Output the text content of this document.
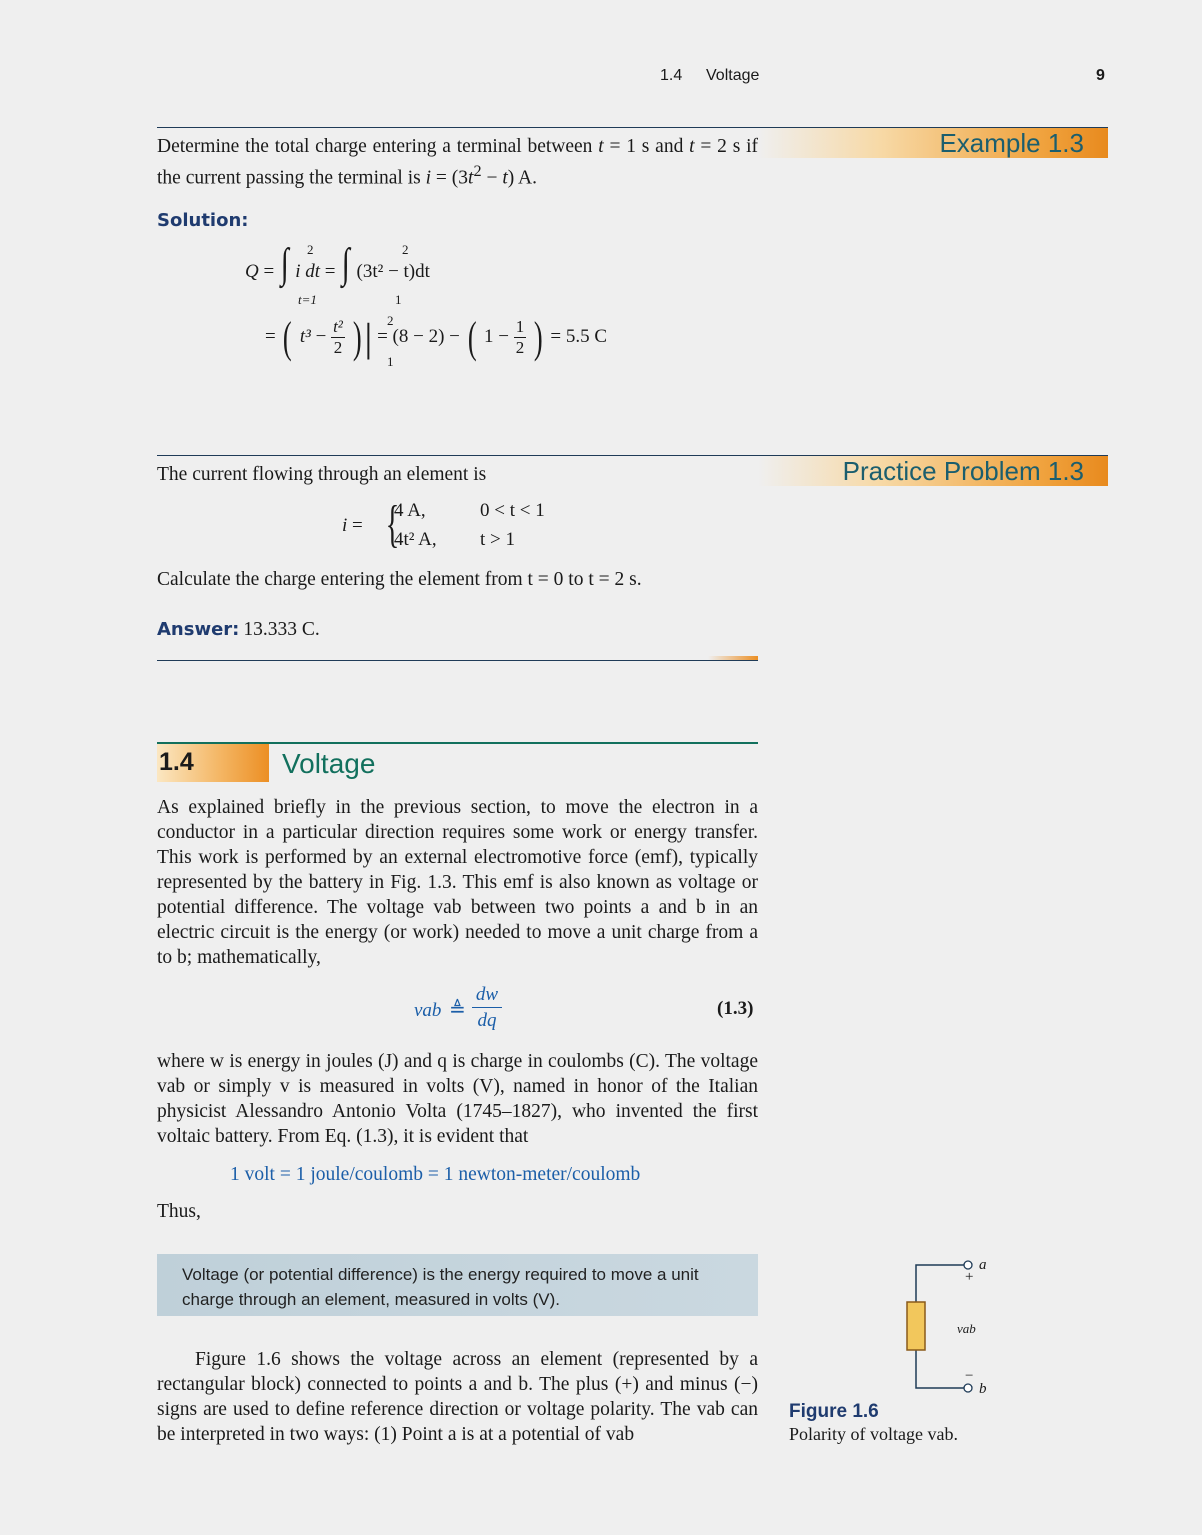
1.4 Voltage	9
Example 1.3
Determine the total charge entering a terminal between t = 1 s and t = 2 s if the current passing the terminal is $i = (3t^2 - t)$ A.
Solution:
Q = ∫ i dt = ∫ (3t² − t)dt
2
t=1
2
1
= ( $t^3 - \frac{\text{t²}}{2}$ )| = (8 − 2) − ( $1 - \frac{1}{2}$ ) = 5.5 C
2
1
Practice Problem 1.3
The current flowing through an element is
i = {
4 A,	0 < t < 1
4t² A, t > 1
Calculate the charge entering the element from t = 0 to t = 2 s.
Answer: 13.333 C.
1.4	Voltage
As explained briefly in the previous section, to move the electron in a conductor in a particular direction requires some work or energy transfer. This work is performed by an external electromotive force (emf), typically represented by the battery in Fig. 1.3. This emf is also known as voltage or potential difference. The voltage vab between two points a and b in an electric circuit is the energy (or work) needed to move a unit charge from a to b; mathematically,
vab ≜ $\frac{dw}{dq}$	(1.3)
where w is energy in joules (J) and q is charge in coulombs (C). The voltage vab or simply v is measured in volts (V), named in honor of the Italian physicist Alessandro Antonio Volta (1745–1827), who invented the first voltaic battery. From Eq. (1.3), it is evident that
1 volt = 1 joule/coulomb = 1 newton-meter/coulomb
Thus,
Voltage (or potential difference) is the energy required to move a unit charge through an element, measured in volts (V).
Figure 1.6 shows the voltage across an element (represented by a rectangular block) connected to points a and b. The plus (+) and minus (−) signs are used to define reference direction or voltage polarity. The vab can be interpreted in two ways: (1) Point a is at a potential of vab
a
b
+
−
vab
Figure 1.6
Polarity of voltage vab.
